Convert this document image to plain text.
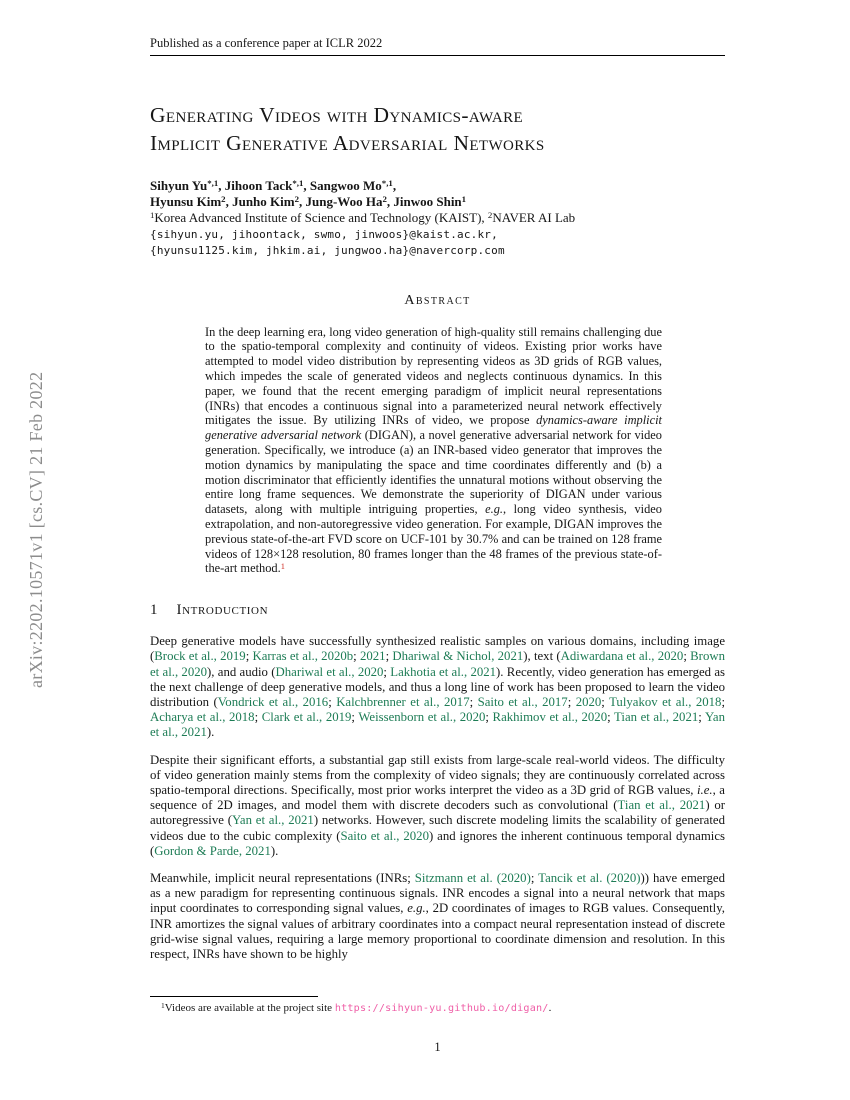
arXiv:2202.10571v1 [cs.CV] 21 Feb 2022
Published as a conference paper at ICLR 2022
Generating Videos with Dynamics-aware
Implicit Generative Adversarial Networks
Sihyun $Yu^{*,1}$, Jihoon Tack$^{*,1}$, Sangwoo $Mo^{*,1}$,
Hyunsu Kim$^2$, Junho Kim$^2$, Jung-Woo Ha$^2$, Jinwoo Shin$^1$
$^1$Korea Advanced Institute of Science and Technology (KAIST), $^2$NAVER AI Lab
{sihyun.yu, jihoontack, swmo, jinwoos}@kaist.ac.kr,
{hyunsu1125.kim, jhkim.ai, jungwoo.ha}@navercorp.com
Abstract
In the deep learning era, long video generation of high-quality still remains challenging due to the spatio-temporal complexity and continuity of videos. Existing prior works have attempted to model video distribution by representing videos as 3D grids of RGB values, which impedes the scale of generated videos and neglects continuous dynamics. In this paper, we found that the recent emerging paradigm of implicit neural representations (INRs) that encodes a continuous signal into a parameterized neural network effectively mitigates the issue. By utilizing INRs of video, we propose dynamics-aware implicit generative adversarial network (DIGAN), a novel generative adversarial network for video generation. Specifically, we introduce (a) an INR-based video generator that improves the motion dynamics by manipulating the space and time coordinates differently and (b) a motion discriminator that efficiently identifies the unnatural motions without observing the entire long frame sequences. We demonstrate the superiority of DIGAN under various datasets, along with multiple intriguing properties, e.g., long video synthesis, video extrapolation, and non-autoregressive video generation. For example, DIGAN improves the previous state-of-the-art FVD score on UCF-101 by 30.7% and can be trained on 128 frame videos of 128×128 resolution, 80 frames longer than the 48 frames of the previous state-of-the-art method.$^1$
1 Introduction
Deep generative models have successfully synthesized realistic samples on various domains, including image (Brock et al., 2019; Karras et al., 2020b; 2021; Dhariwal & Nichol, 2021), text (Adiwardana et al., 2020; Brown et al., 2020), and audio (Dhariwal et al., 2020; Lakhotia et al., 2021). Recently, video generation has emerged as the next challenge of deep generative models, and thus a long line of work has been proposed to learn the video distribution (Vondrick et al., 2016; Kalchbrenner et al., 2017; Saito et al., 2017; 2020; Tulyakov et al., 2018; Acharya et al., 2018; Clark et al., 2019; Weissenborn et al., 2020; Rakhimov et al., 2020; Tian et al., 2021; Yan et al., 2021).
Despite their significant efforts, a substantial gap still exists from large-scale real-world videos. The difficulty of video generation mainly stems from the complexity of video signals; they are continuously correlated across spatio-temporal directions. Specifically, most prior works interpret the video as a 3D grid of RGB values, i.e., a sequence of 2D images, and model them with discrete decoders such as convolutional (Tian et al., 2021) or autoregressive (Yan et al., 2021) networks. However, such discrete modeling limits the scalability of generated videos due to the cubic complexity (Saito et al., 2020) and ignores the inherent continuous temporal dynamics (Gordon & Parde, 2021).
Meanwhile, implicit neural representations (INRs; Sitzmann et al. (2020); Tancik et al. (2020))) have emerged as a new paradigm for representing continuous signals. INR encodes a signal into a neural network that maps input coordinates to corresponding signal values, e.g., 2D coordinates of images to RGB values. Consequently, INR amortizes the signal values of arbitrary coordinates into a compact neural representation instead of discrete grid-wise signal values, requiring a large memory proportional to coordinate dimension and resolution. In this respect, INRs have shown to be highly
$^1$Videos are available at the project site https://sihyun-yu.github.io/digan/.
1
